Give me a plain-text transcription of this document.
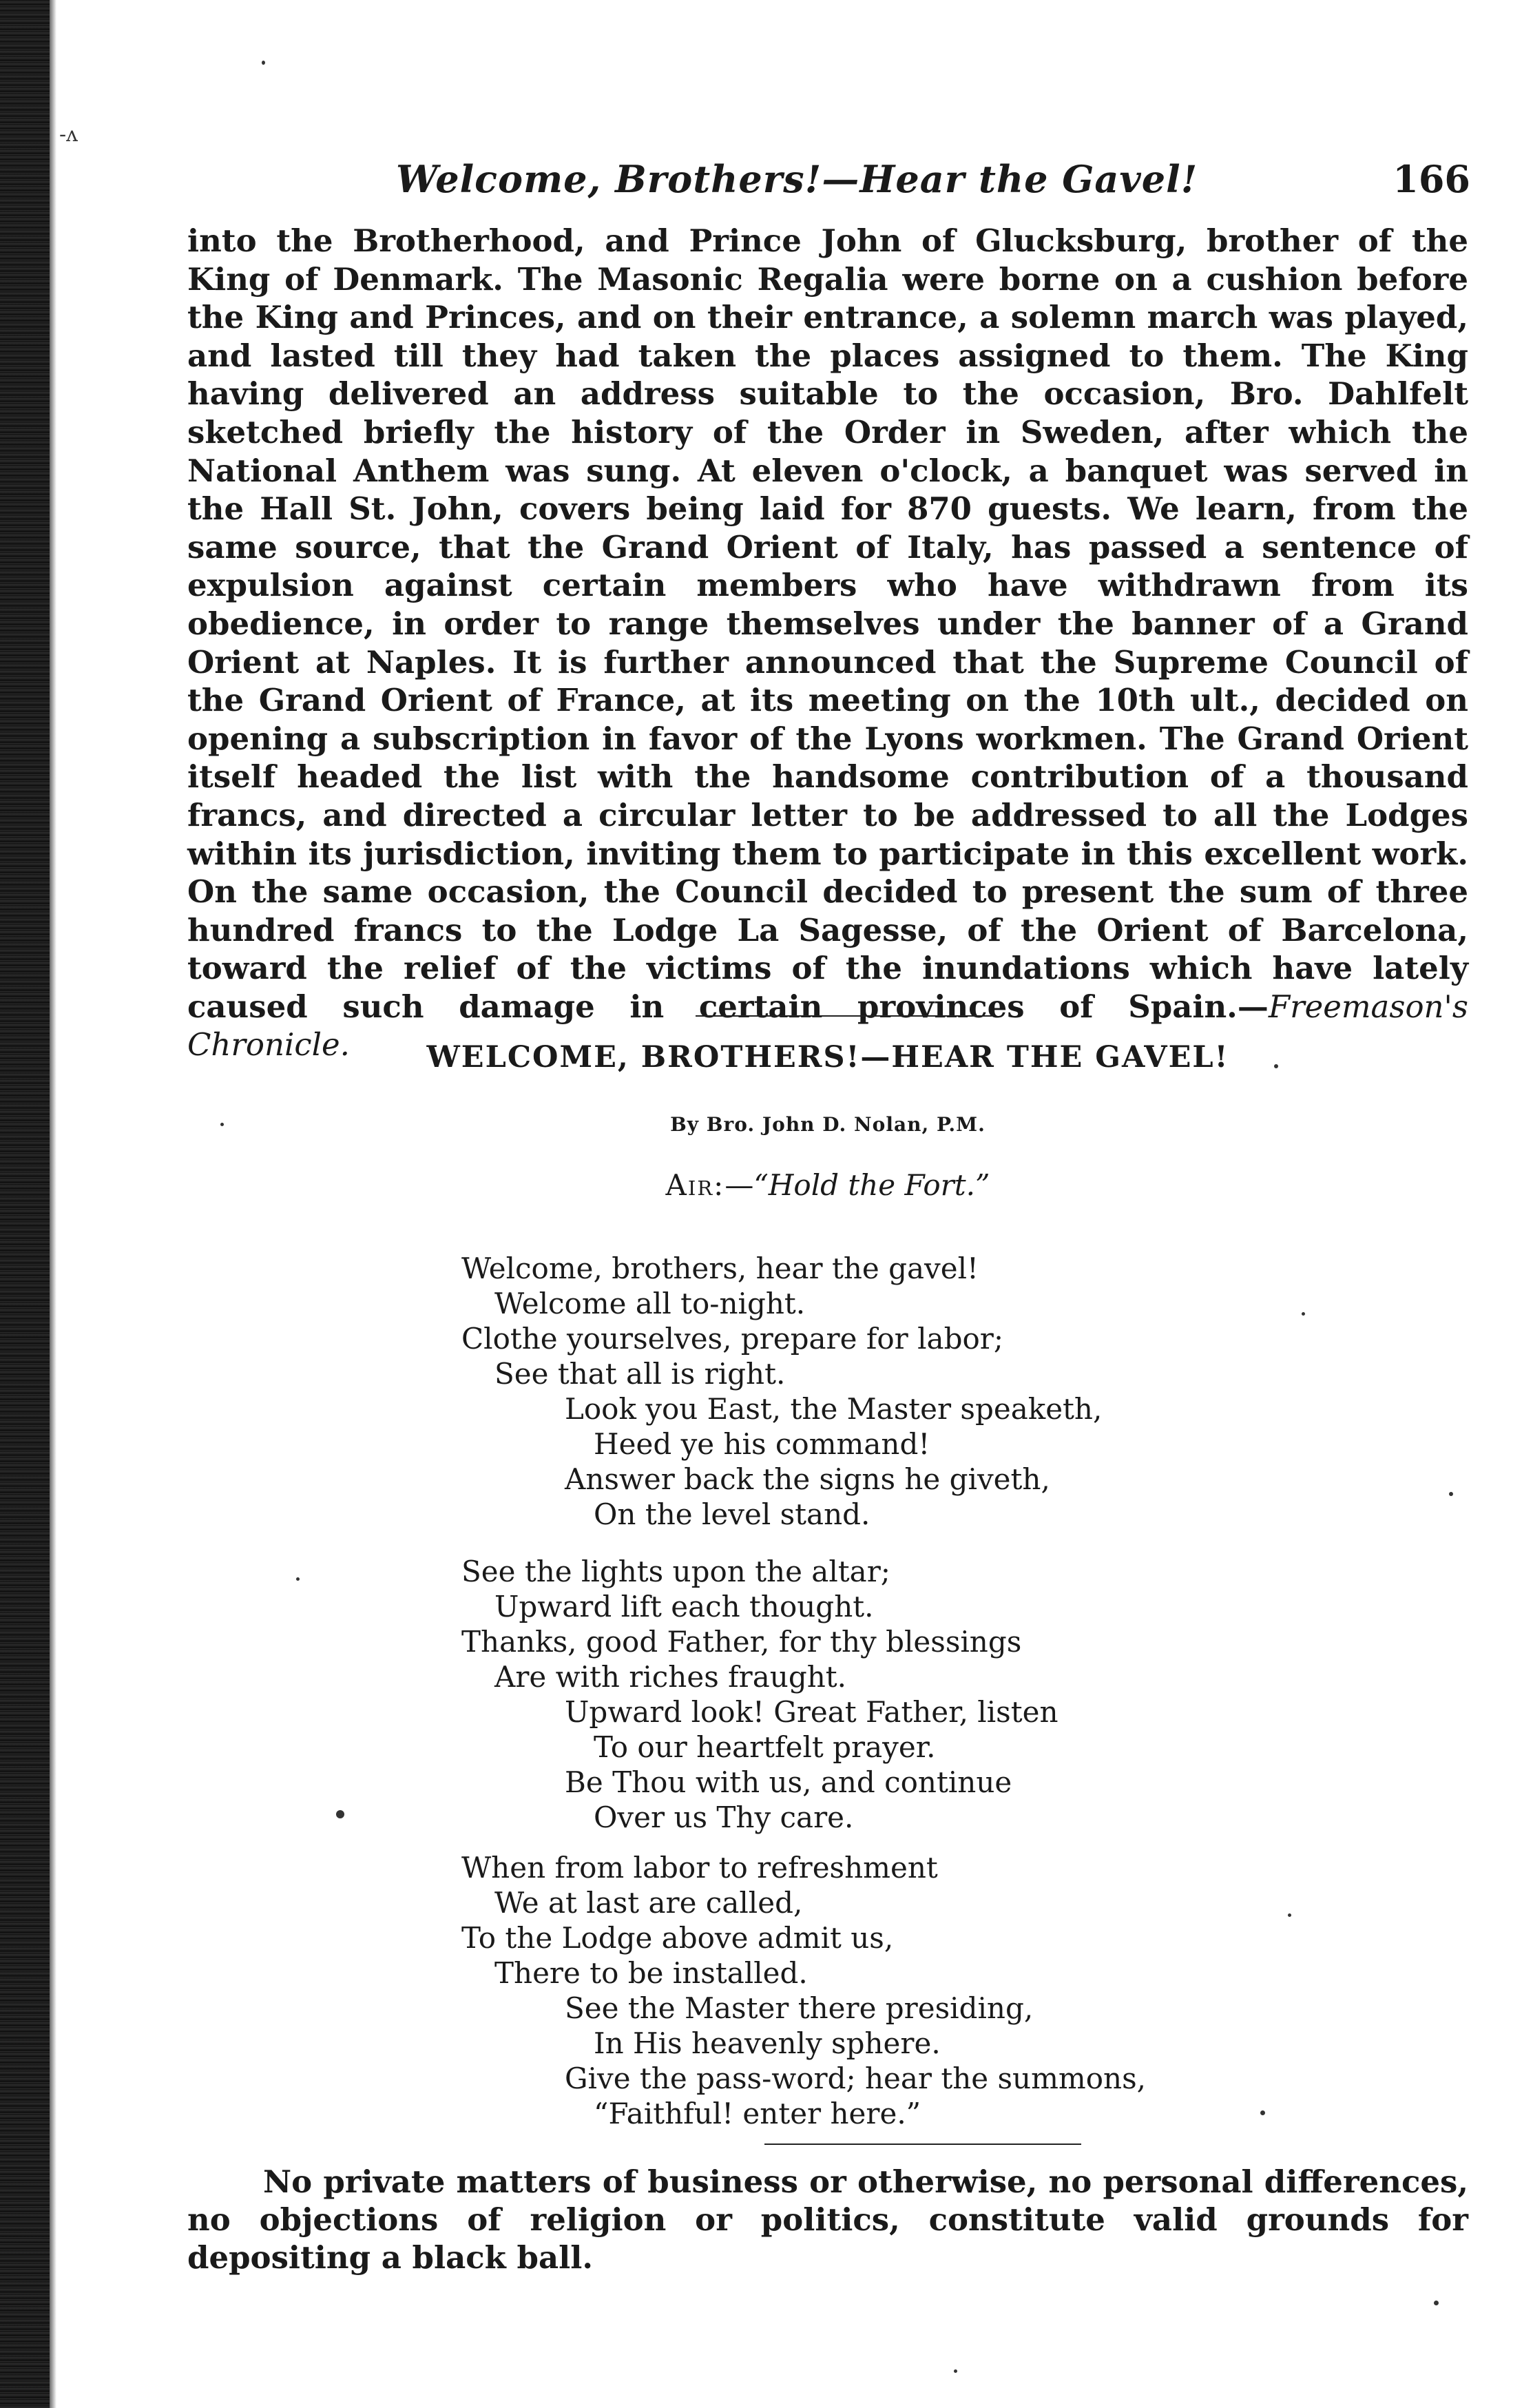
Welcome, Brothers!—Hear the Gavel!	166

into the Brotherhood, and Prince John of Glucksburg, brother of the King of Denmark. The Masonic Regalia were borne on a cushion before the King and Princes, and on their entrance, a solemn march was played, and lasted till they had taken the places assigned to them. The King having delivered an address suitable to the occasion, Bro. Dahlfelt sketched briefly the history of the Order in Sweden, after which the National Anthem was sung. At eleven o'clock, a banquet was served in the Hall St. John, covers being laid for 870 guests. We learn, from the same source, that the Grand Orient of Italy, has passed a sentence of expulsion against certain members who have withdrawn from its obedience, in order to range themselves under the banner of a Grand Orient at Naples. It is further announced that the Supreme Council of the Grand Orient of France, at its meeting on the 10th ult., decided on opening a subscription in favor of the Lyons workmen. The Grand Orient itself headed the list with the handsome contribution of a thousand francs, and directed a circular letter to be addressed to all the Lodges within its jurisdiction, inviting them to participate in this excellent work. On the same occasion, the Council decided to present the sum of three hundred francs to the Lodge La Sagesse, of the Orient of Barcelona, toward the relief of the victims of the inundations which have lately caused such damage in certain provinces of Spain.—Freemason's Chronicle.	WELCOME, BROTHERS!—HEAR THE GAVEL!
By Bro. John D. Nolan, P.M.
Air:—“Hold the Fort.”
Welcome, brothers, hear the gavel!
Welcome all to-night.
Clothe yourselves, prepare for labor;
See that all is right.
Look you East, the Master speaketh,
Heed ye his command!
Answer back the signs he giveth,
On the level stand.
See the lights upon the altar;
Upward lift each thought.
Thanks, good Father, for thy blessings
Are with riches fraught.
Upward look! Great Father, listen
To our heartfelt prayer.
Be Thou with us, and continue
Over us Thy care.
When from labor to refreshment
We at last are called,
To the Lodge above admit us,
There to be installed.
See the Master there presiding,
In His heavenly sphere.
Give the pass-word; hear the summons,
“Faithful! enter here.”

No private matters of business or otherwise, no personal differences, no objections of religion or politics, constitute valid grounds for depositing a black ball.

-ʌ
